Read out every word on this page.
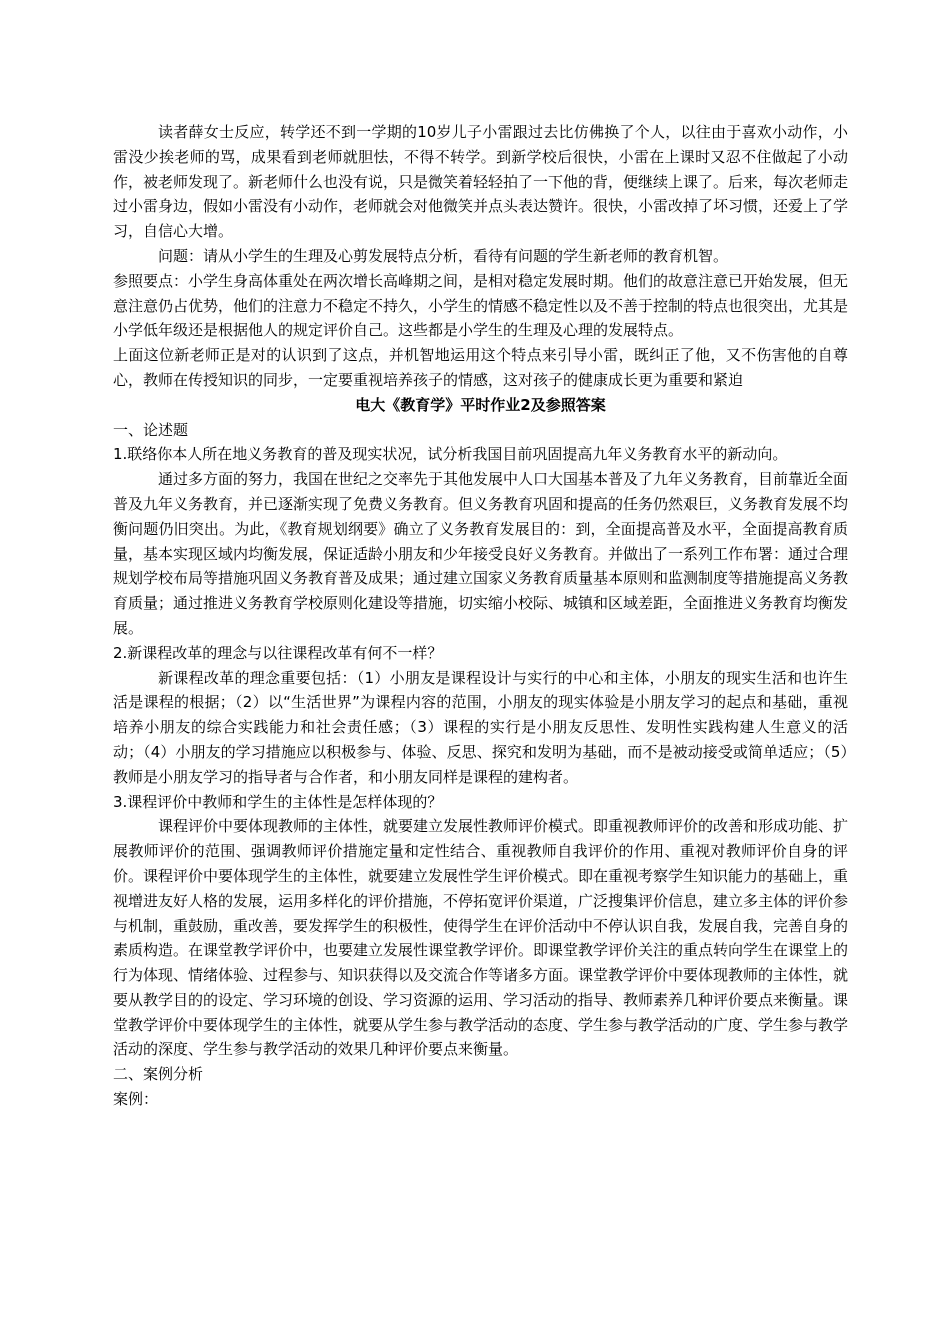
读者薛女士反应，转学还不到一学期的10岁儿子小雷跟过去比仿佛换了个人，以往由于喜欢小动作，小雷没少挨老师的骂，成果看到老师就胆怯，不得不转学。到新学校后很快，小雷在上课时又忍不住做起了小动作，被老师发现了。新老师什么也没有说，只是微笑着轻轻拍了一下他的背，便继续上课了。后来，每次老师走过小雷身边，假如小雷没有小动作，老师就会对他微笑并点头表达赞许。很快，小雷改掉了坏习惯，还爱上了学习，自信心大增。

问题：请从小学生的生理及心剪发展特点分析，看待有问题的学生新老师的教育机智。

参照要点：小学生身高体重处在两次增长高峰期之间，是相对稳定发展时期。他们的故意注意已开始发展，但无意注意仍占优势，他们的注意力不稳定不持久，小学生的情感不稳定性以及不善于控制的特点也很突出，尤其是小学低年级还是根据他人的规定评价自己。这些都是小学生的生理及心理的发展特点。

上面这位新老师正是对的认识到了这点，并机智地运用这个特点来引导小雷，既纠正了他，又不伤害他的自尊心，教师在传授知识的同步，一定要重视培养孩子的情感，这对孩子的健康成长更为重要和紧迫

电大《教育学》平时作业2及参照答案

一、论述题

1.联络你本人所在地义务教育的普及现实状况，试分析我国目前巩固提高九年义务教育水平的新动向。

通过多方面的努力，我国在世纪之交率先于其他发展中人口大国基本普及了九年义务教育，目前靠近全面普及九年义务教育，并已逐渐实现了免费义务教育。但义务教育巩固和提高的任务仍然艰巨，义务教育发展不均衡问题仍旧突出。为此，《教育规划纲要》确立了义务教育发展目的：到，全面提高普及水平，全面提高教育质量，基本实现区域内均衡发展，保证适龄小朋友和少年接受良好义务教育。并做出了一系列工作布署：通过合理规划学校布局等措施巩固义务教育普及成果；通过建立国家义务教育质量基本原则和监测制度等措施提高义务教育质量；通过推进义务教育学校原则化建设等措施，切实缩小校际、城镇和区域差距，全面推进义务教育均衡发展。

2.新课程改革的理念与以往课程改革有何不一样？

新课程改革的理念重要包括：（1）小朋友是课程设计与实行的中心和主体，小朋友的现实生活和也许生活是课程的根据；（2）以“生活世界”为课程内容的范围，小朋友的现实体验是小朋友学习的起点和基础，重视培养小朋友的综合实践能力和社会责任感；（3）课程的实行是小朋友反思性、发明性实践构建人生意义的活动；（4）小朋友的学习措施应以积极参与、体验、反思、探究和发明为基础，而不是被动接受或简单适应；（5）教师是小朋友学习的指导者与合作者，和小朋友同样是课程的建构者。

3.课程评价中教师和学生的主体性是怎样体现的？

课程评价中要体现教师的主体性，就要建立发展性教师评价模式。即重视教师评价的改善和形成功能、扩展教师评价的范围、强调教师评价措施定量和定性结合、重视教师自我评价的作用、重视对教师评价自身的评价。课程评价中要体现学生的主体性，就要建立发展性学生评价模式。即在重视考察学生知识能力的基础上，重视增进友好人格的发展，运用多样化的评价措施，不停拓宽评价渠道，广泛搜集评价信息，建立多主体的评价参与机制，重鼓励，重改善，要发挥学生的积极性，使得学生在评价活动中不停认识自我，发展自我，完善自身的素质构造。在课堂教学评价中，也要建立发展性课堂教学评价。即课堂教学评价关注的重点转向学生在课堂上的行为体现、情绪体验、过程参与、知识获得以及交流合作等诸多方面。课堂教学评价中要体现教师的主体性，就要从教学目的的设定、学习环境的创设、学习资源的运用、学习活动的指导、教师素养几种评价要点来衡量。课堂教学评价中要体现学生的主体性，就要从学生参与教学活动的态度、学生参与教学活动的广度、学生参与教学活动的深度、学生参与教学活动的效果几种评价要点来衡量。

二、案例分析

案例：
